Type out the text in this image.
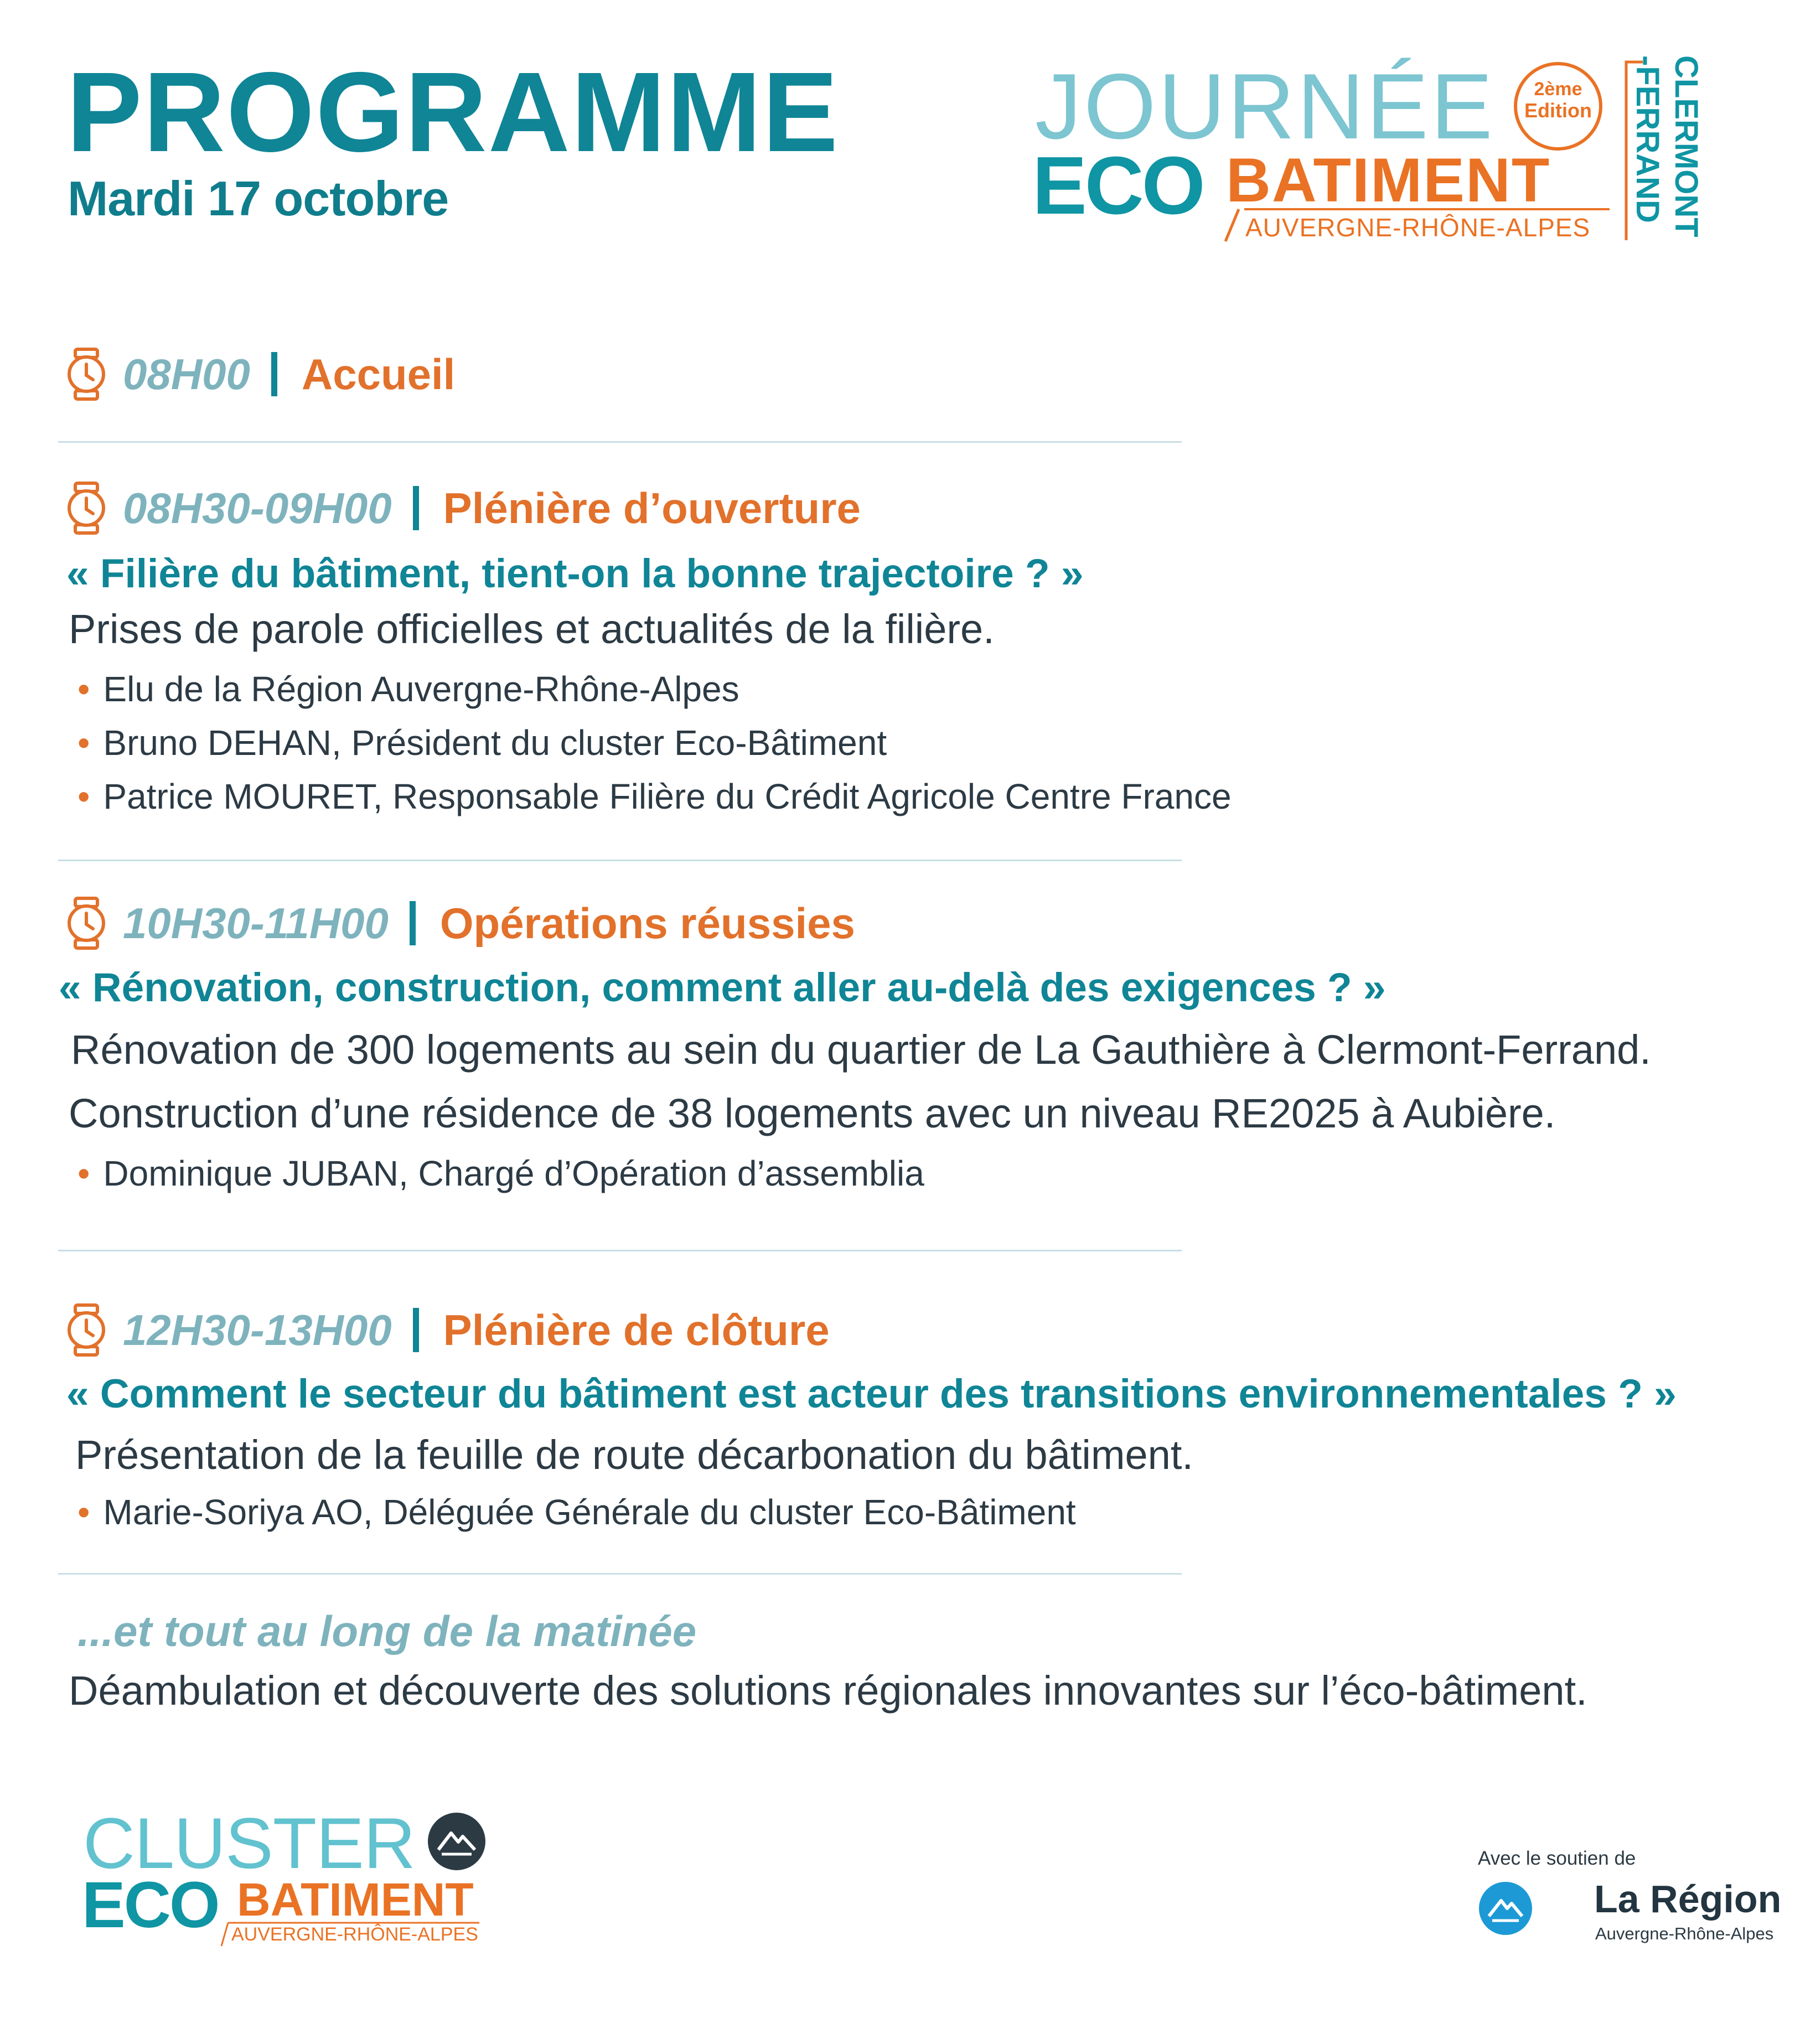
PROGRAMME
Mardi 17 octobre
JOURNÉE
ECO BATIMENT
AUVERGNE-RHÔNE-ALPES
2ème
Edition CLERMONT
-FERRAND
08H00 Accueil
08H30-09H00 Plénière d’ouverture
« Filière du bâtiment, tient-on la bonne trajectoire ? »
Prises de parole officielles et actualités de la filière.
• Elu de la Région Auvergne-Rhône-Alpes
• Bruno DEHAN, Président du cluster Eco-Bâtiment
• Patrice MOURET, Responsable Filière du Crédit Agricole Centre France
10H30-11H00 Opérations réussies
« Rénovation, construction, comment aller au-delà des exigences ? »
Rénovation de 300 logements au sein du quartier de La Gauthière à Clermont-Ferrand.
Construction d’une résidence de 38 logements avec un niveau RE2025 à Aubière.
• Dominique JUBAN, Chargé d’Opération d’assemblia
12H30-13H00 Plénière de clôture
« Comment le secteur du bâtiment est acteur des transitions environnementales ? »
Présentation de la feuille de route décarbonation du bâtiment.
• Marie-Soriya AO, Déléguée Générale du cluster Eco-Bâtiment
...et tout au long de la matinée
Déambulation et découverte des solutions régionales innovantes sur l’éco-bâtiment.
CLUSTER
ECO BATIMENT
AUVERGNE-RHÔNE-ALPES
Avec le soutien de
La Région
Auvergne-Rhône-Alpes
